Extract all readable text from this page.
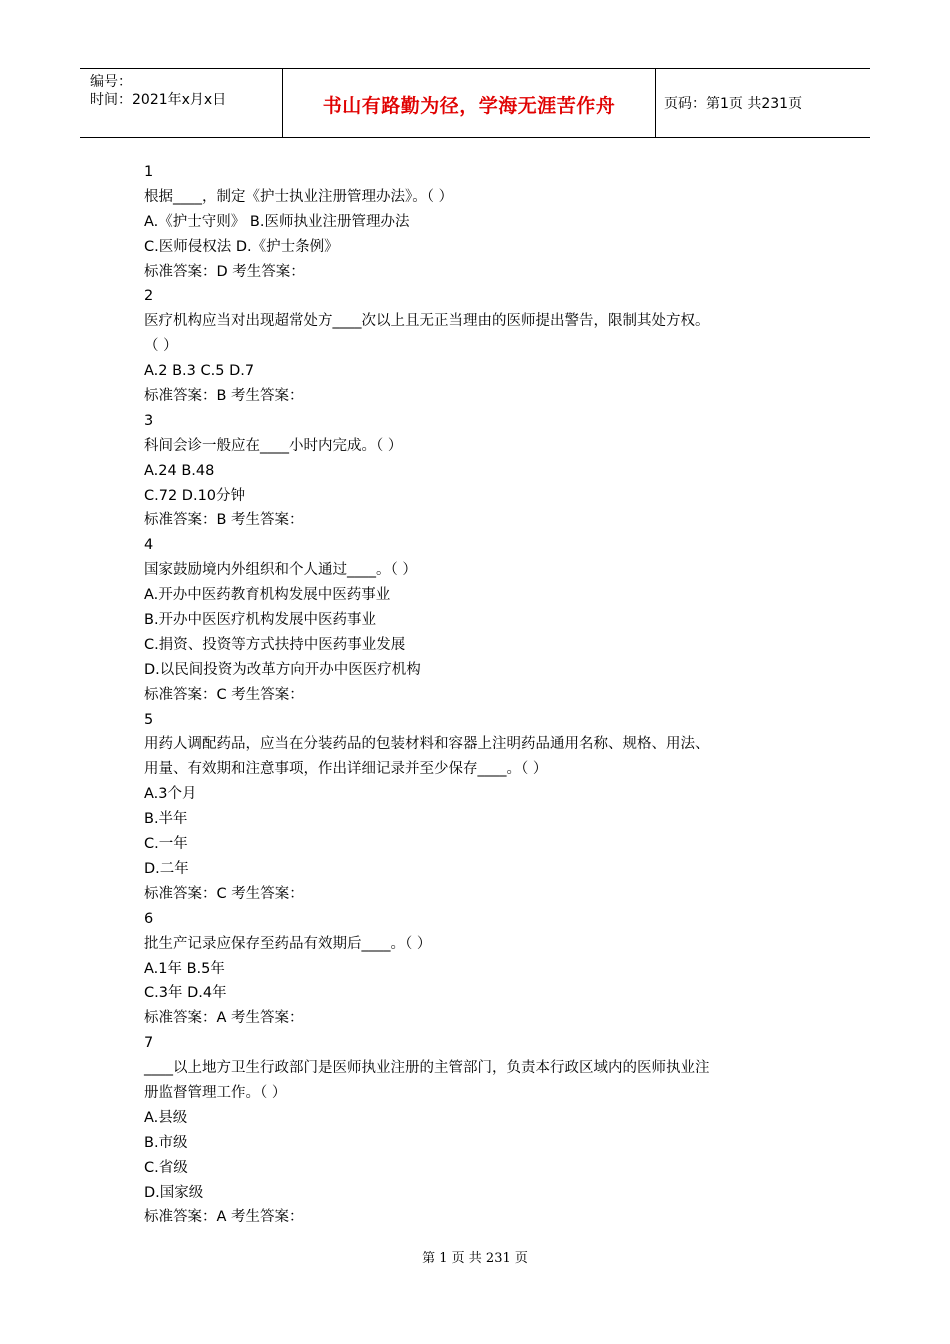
编号：
时间：2021年x月x日	书山有路勤为径，学海无涯苦作舟	页码：第1页 共231页
1
根据____，制定《护士执业注册管理办法》。（ ）
A.《护士守则》 B.医师执业注册管理办法
C.医师侵权法 D.《护士条例》
标准答案：D 考生答案：
2
医疗机构应当对出现超常处方____次以上且无正当理由的医师提出警告，限制其处方权。
（ ）
A.2 B.3 C.5 D.7
标准答案：B 考生答案：
3
科间会诊一般应在____小时内完成。（ ）
A.24 B.48
C.72 D.10分钟
标准答案：B 考生答案：
4
国家鼓励境内外组织和个人通过____。（ ）
A.开办中医药教育机构发展中医药事业
B.开办中医医疗机构发展中医药事业
C.捐资、投资等方式扶持中医药事业发展
D.以民间投资为改革方向开办中医医疗机构
标准答案：C 考生答案：
5
用药人调配药品，应当在分装药品的包装材料和容器上注明药品通用名称、规格、用法、
用量、有效期和注意事项，作出详细记录并至少保存____。（ ）
A.3个月
B.半年
C.一年
D.二年
标准答案：C 考生答案：
6
批生产记录应保存至药品有效期后____。（ ）
A.1年 B.5年
C.3年 D.4年
标准答案：A 考生答案：
7
____以上地方卫生行政部门是医师执业注册的主管部门，负责本行政区域内的医师执业注
册监督管理工作。（ ）
A.县级
B.市级
C.省级
D.国家级
标准答案：A 考生答案：
第 1 页 共 231 页
